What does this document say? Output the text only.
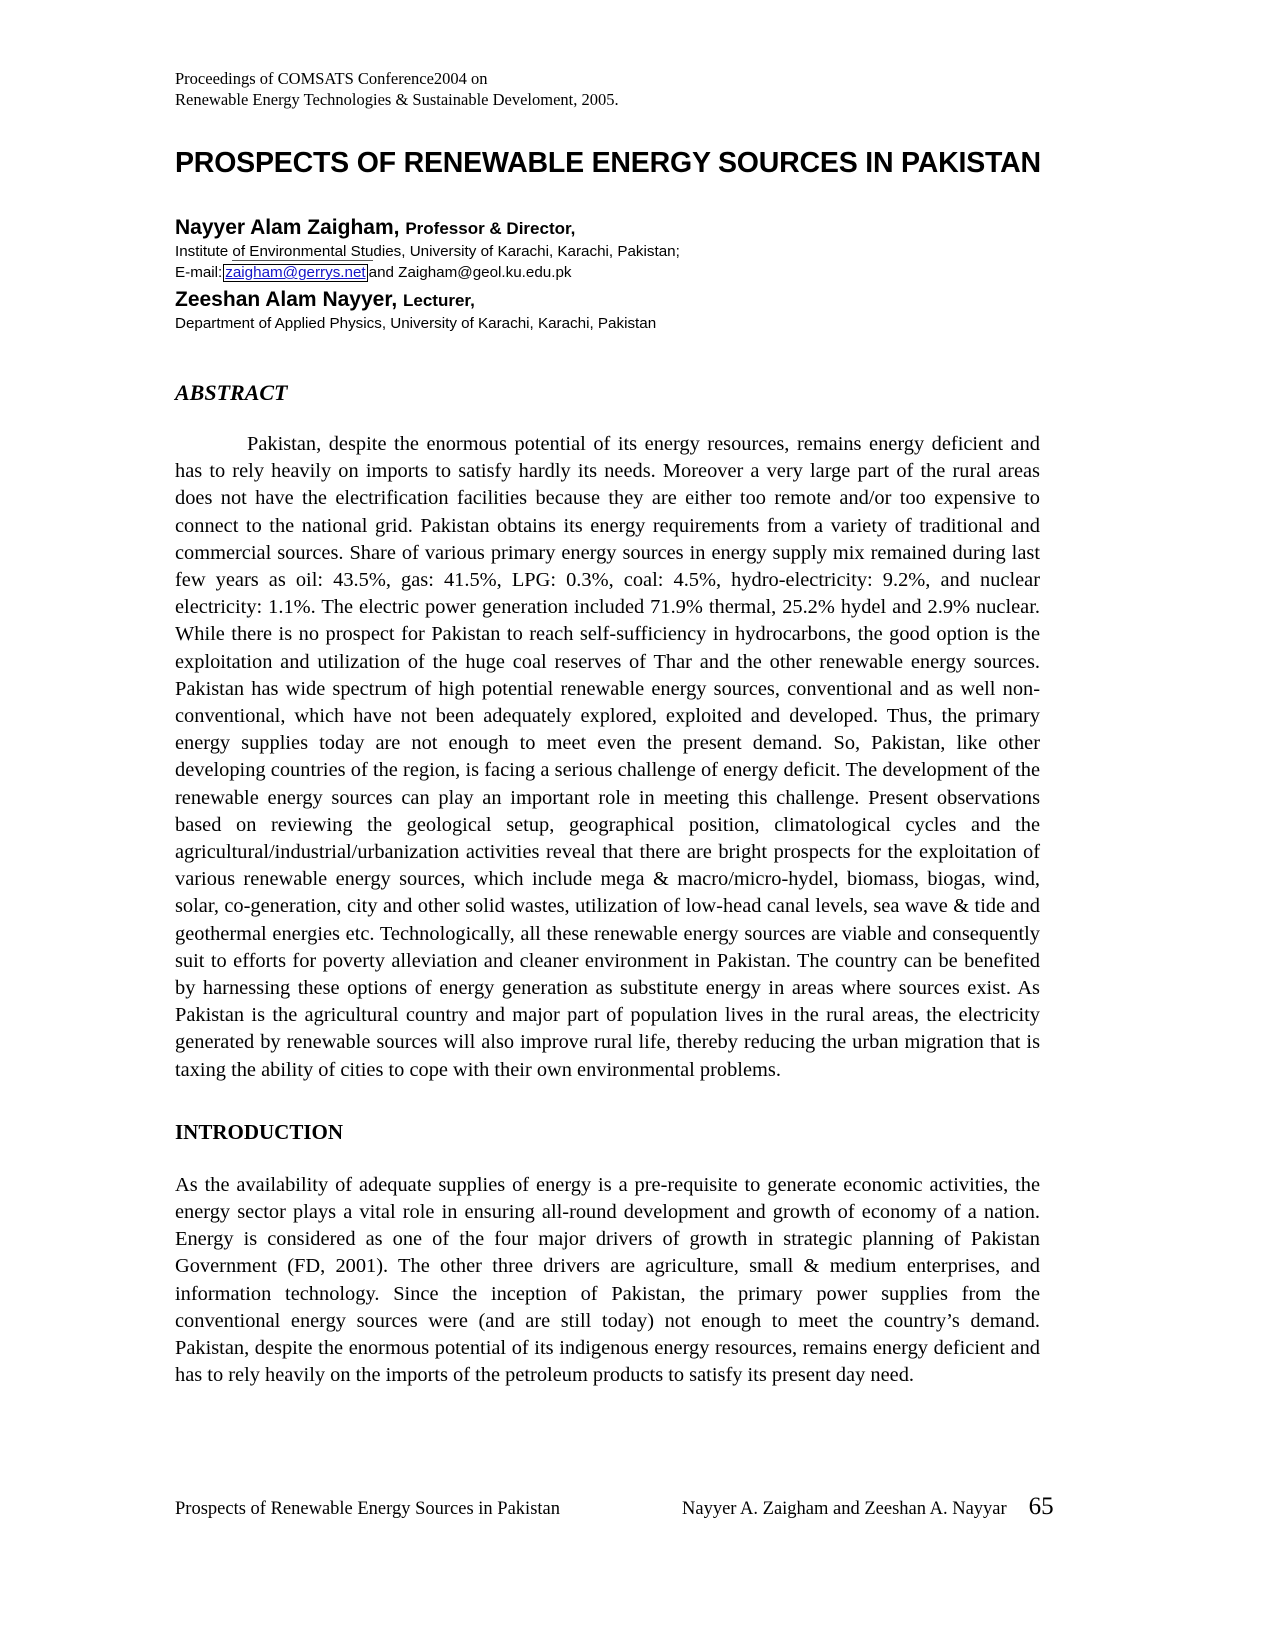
Proceedings of COMSATS Conference2004 on
Renewable Energy Technologies & Sustainable Develoment, 2005.
PROSPECTS OF RENEWABLE ENERGY SOURCES IN PAKISTAN
Nayyer Alam Zaigham, Professor & Director,
Institute of Environmental Studies, University of Karachi, Karachi, Pakistan;
E-mail: zaigham@gerrys.net and Zaigham@geol.ku.edu.pk
Zeeshan Alam Nayyer, Lecturer,
Department of Applied Physics, University of Karachi, Karachi, Pakistan
ABSTRACT

Pakistan, despite the enormous potential of its energy resources, remains energy deficient and has to rely heavily on imports to satisfy hardly its needs. Moreover a very large part of the rural areas does not have the electrification facilities because they are either too remote and/or too expensive to connect to the national grid. Pakistan obtains its energy requirements from a variety of traditional and commercial sources. Share of various primary energy sources in energy supply mix remained during last few years as oil: 43.5%, gas: 41.5%, LPG: 0.3%, coal: 4.5%, hydro-electricity: 9.2%, and nuclear electricity: 1.1%. The electric power generation included 71.9% thermal, 25.2% hydel and 2.9% nuclear. While there is no prospect for Pakistan to reach self-sufficiency in hydrocarbons, the good option is the exploitation and utilization of the huge coal reserves of Thar and the other renewable energy sources. Pakistan has wide spectrum of high potential renewable energy sources, conventional and as well non-conventional, which have not been adequately explored, exploited and developed. Thus, the primary energy supplies today are not enough to meet even the present demand. So, Pakistan, like other developing countries of the region, is facing a serious challenge of energy deficit. The development of the renewable energy sources can play an important role in meeting this challenge. Present observations based on reviewing the geological setup, geographical position, climatological cycles and the agricultural/industrial/urbanization activities reveal that there are bright prospects for the exploitation of various renewable energy sources, which include mega & macro/micro-hydel, biomass, biogas, wind, solar, co-generation, city and other solid wastes, utilization of low-head canal levels, sea wave & tide and geothermal energies etc. Technologically, all these renewable energy sources are viable and consequently suit to efforts for poverty alleviation and cleaner environment in Pakistan. The country can be benefited by harnessing these options of energy generation as substitute energy in areas where sources exist. As Pakistan is the agricultural country and major part of population lives in the rural areas, the electricity generated by renewable sources will also improve rural life, thereby reducing the urban migration that is taxing the ability of cities to cope with their own environmental problems.

INTRODUCTION

As the availability of adequate supplies of energy is a pre-requisite to generate economic activities, the energy sector plays a vital role in ensuring all-round development and growth of economy of a nation. Energy is considered as one of the four major drivers of growth in strategic planning of Pakistan Government (FD, 2001). The other three drivers are agriculture, small & medium enterprises, and information technology. Since the inception of Pakistan, the primary power supplies from the conventional energy sources were (and are still today) not enough to meet the country’s demand. Pakistan, despite the enormous potential of its indigenous energy resources, remains energy deficient and has to rely heavily on the imports of the petroleum products to satisfy its present day need.

Prospects of Renewable Energy Sources in Pakistan	Nayyer A. Zaigham and Zeeshan A. Nayyar 65
